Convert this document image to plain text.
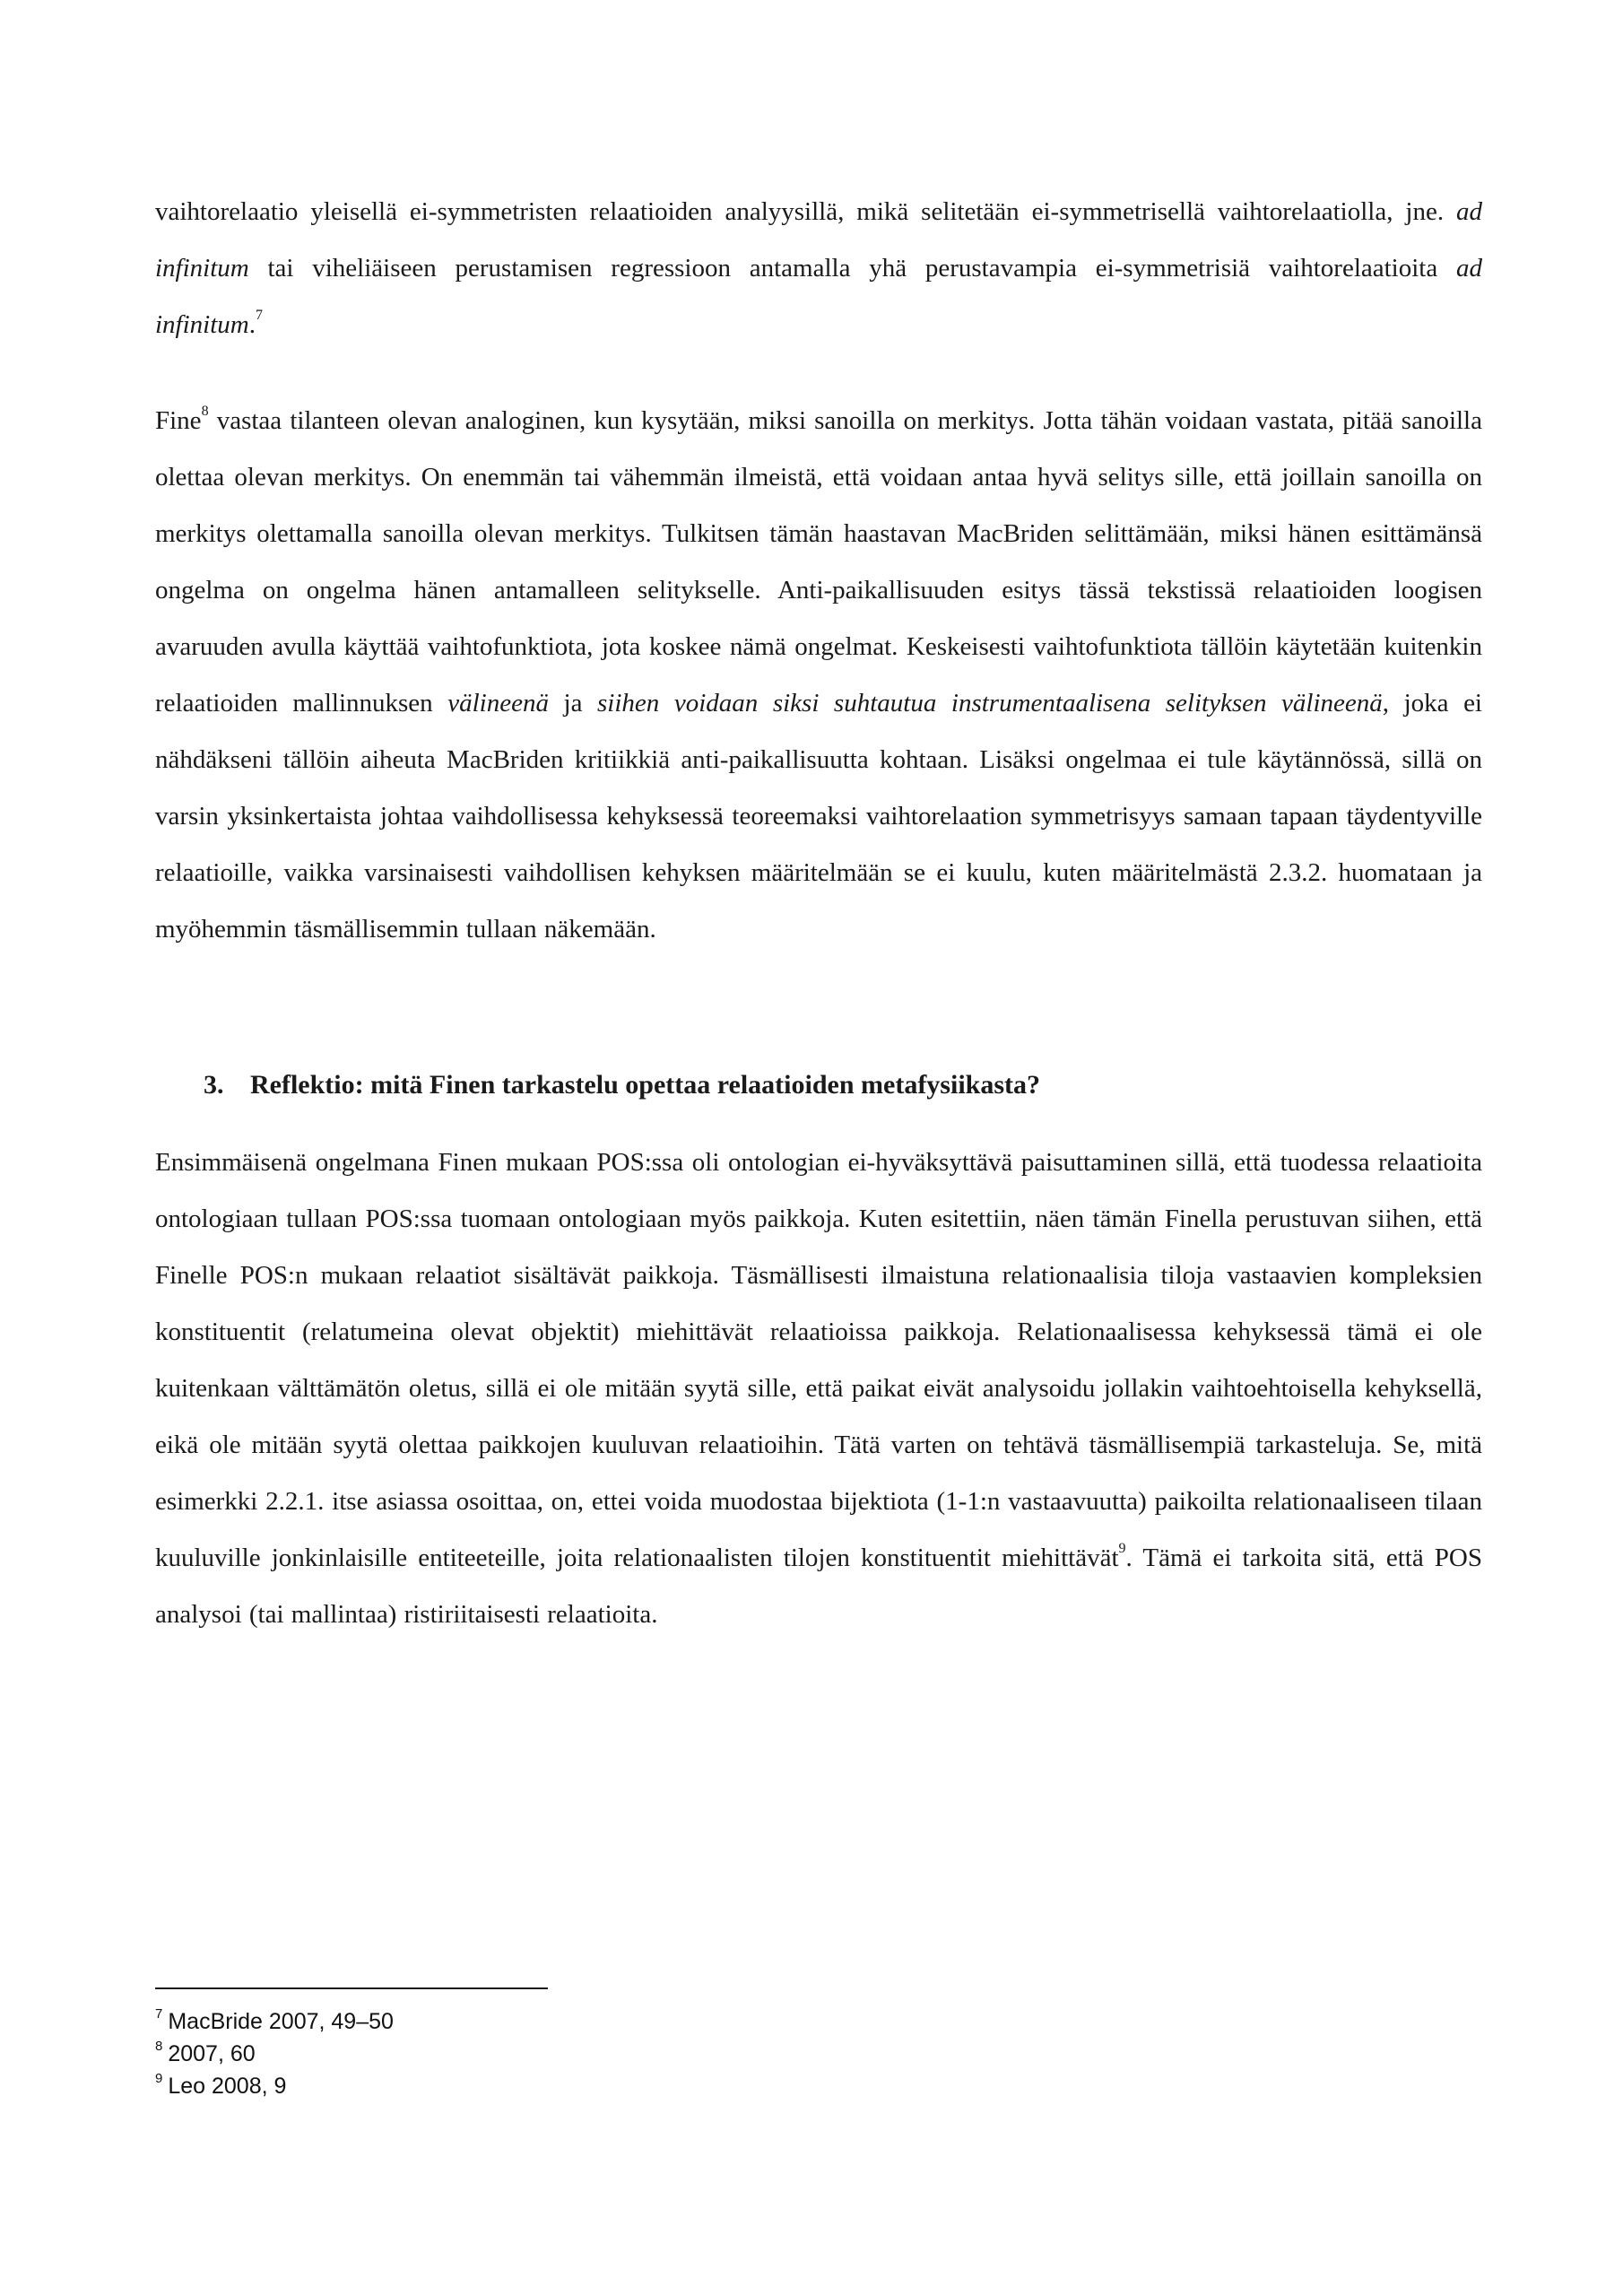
vaihtorelaatio yleisellä ei-symmetristen relaatioiden analyysillä, mikä selitetään ei-symmetrisellä vaihtorelaatiolla, jne. ad infinitum tai viheliäiseen perustamisen regressioon antamalla yhä perustavampia ei-symmetrisiä vaihtorelaatioita ad infinitum.$^7$

Fine$^8$ vastaa tilanteen olevan analoginen, kun kysytään, miksi sanoilla on merkitys. Jotta tähän voidaan vastata, pitää sanoilla olettaa olevan merkitys. On enemmän tai vähemmän ilmeistä, että voidaan antaa hyvä selitys sille, että joillain sanoilla on merkitys olettamalla sanoilla olevan merkitys. Tulkitsen tämän haastavan MacBriden selittämään, miksi hänen esittämänsä ongelma on ongelma hänen antamalleen selitykselle. Anti-paikallisuuden esitys tässä tekstissä relaatioiden loogisen avaruuden avulla käyttää vaihtofunktiota, jota koskee nämä ongelmat. Keskeisesti vaihtofunktiota tällöin käytetään kuitenkin relaatioiden mallinnuksen välineenä ja siihen voidaan siksi suhtautua instrumentaalisena selityksen välineenä, joka ei nähdäkseni tällöin aiheuta MacBriden kritiikkiä anti-paikallisuutta kohtaan. Lisäksi ongelmaa ei tule käytännössä, sillä on varsin yksinkertaista johtaa vaihdollisessa kehyksessä teoreemaksi vaihtorelaation symmetrisyys samaan tapaan täydentyville relaatioille, vaikka varsinaisesti vaihdollisen kehyksen määritelmään se ei kuulu, kuten määritelmästä 2.3.2. huomataan ja myöhemmin täsmällisemmin tullaan näkemään.

3. Reflektio: mitä Finen tarkastelu opettaa relaatioiden metafysiikasta?

Ensimmäisenä ongelmana Finen mukaan POS:ssa oli ontologian ei-hyväksyttävä paisuttaminen sillä, että tuodessa relaatioita ontologiaan tullaan POS:ssa tuomaan ontologiaan myös paikkoja. Kuten esitettiin, näen tämän Finella perustuvan siihen, että Finelle POS:n mukaan relaatiot sisältävät paikkoja. Täsmällisesti ilmaistuna relationaalisia tiloja vastaavien kompleksien konstituentit (relatumeina olevat objektit) miehittävät relaatioissa paikkoja. Relationaalisessa kehyksessä tämä ei ole kuitenkaan välttämätön oletus, sillä ei ole mitään syytä sille, että paikat eivät analysoidu jollakin vaihtoehtoisella kehyksellä, eikä ole mitään syytä olettaa paikkojen kuuluvan relaatioihin. Tätä varten on tehtävä täsmällisempiä tarkasteluja. Se, mitä esimerkki 2.2.1. itse asiassa osoittaa, on, ettei voida muodostaa bijektiota (1-1:n vastaavuutta) paikoilta relationaaliseen tilaan kuuluville jonkinlaisille entiteeteille, joita relationaalisten tilojen konstituentit miehittävät$^9$. Tämä ei tarkoita sitä, että POS analysoi (tai mallintaa) ristiriitaisesti relaatioita.

$^7$ MacBride 2007, 49–50
$^8$ 2007, 60
$^9$ Leo 2008, 9
